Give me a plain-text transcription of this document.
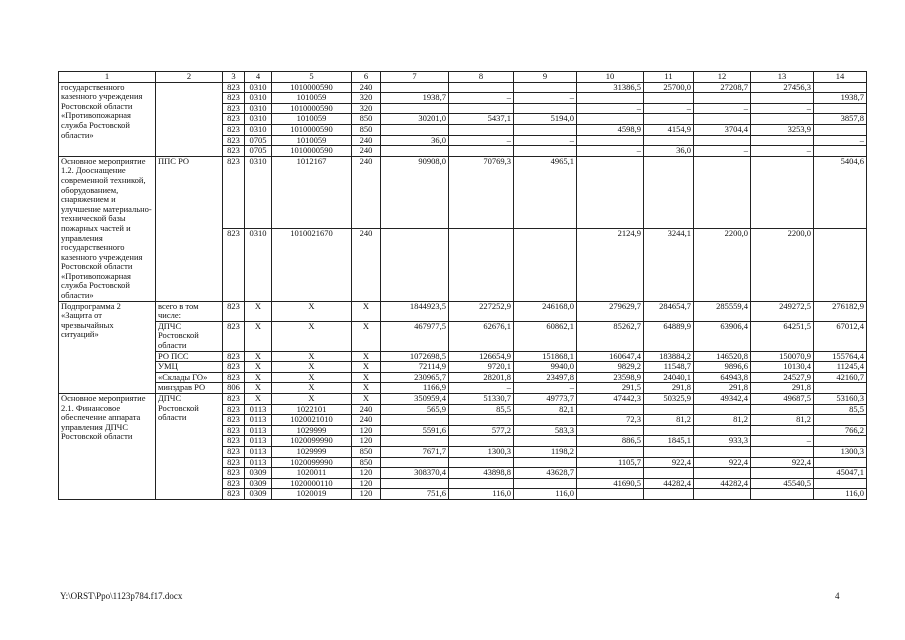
1	2	3	4	5	6	7	8	9	10	11	12	13	14
государственного казенного учреждения Ростовской области «Противопожарная служба Ростовской области»		823	0310	1010000590	240				31386,5	25700,0	27208,7	27456,3	
		823	0310	1010059	320	1938,7	–	–					1938,7
		823	0310	1010000590	320				–	–	–	–	
		823	0310	1010059	850	30201,0	5437,1	5194,0					3857,8
		823	0310	1010000590	850				4598,9	4154,9	3704,4	3253,9	
		823	0705	1010059	240	36,0	–	–					–
		823	0705	1010000590	240				–	36,0	–	–	
Основное мероприятие 1.2. Дооснащение современной техникой, оборудованием, снаряжением и улучшение материально-технической базы пожарных частей и управления государственного казенного учреждения Ростовской области «Противопожарная служба Ростовской области»	ППС РО	823	0310	1012167	240	90908,0	70769,3	4965,1					5404,6
		823	0310	1010021670	240				2124,9	3244,1	2200,0	2200,0	
Подпрограмма 2 «Защита от чрезвычайных ситуаций»	всего в том числе:	823	Х	Х	Х	1844923,5	227252,9	246168,0	279629,7	284654,7	285559,4	249272,5	276182,9
	ДПЧС Ростовской области	823	Х	Х	Х	467977,5	62676,1	60862,1	85262,7	64889,9	63906,4	64251,5	67012,4
	РО ПСС	823	Х	Х	Х	1072698,5	126654,9	151868,1	160647,4	183884,2	146520,8	150070,9	155764,4
	УМЦ	823	Х	Х	Х	72114,9	9720,1	9940,0	9829,2	11548,7	9896,6	10130,4	11245,4
	«Склады ГО»	823	Х	Х	Х	230965,7	28201,8	23497,8	23598,9	24040,1	64943,8	24527,9	42160,7
	минздрав РО	806	Х	Х	Х	1166,9	–	–	291,5	291,8	291,8	291,8	
Основное мероприятие 2.1. Финансовое обеспечение аппарата управления ДПЧС Ростовской области	ДПЧС Ростовской области	823	Х	Х	Х	350959,4	51330,7	49773,7	47442,3	50325,9	49342,4	49687,5	53160,3
		823	0113	1022101	240	565,9	85,5	82,1					85,5
		823	0113	1020021010	240				72,3	81,2	81,2	81,2	
		823	0113	1029999	120	5591,6	577,2	583,3					766,2
		823	0113	1020099990	120				886,5	1845,1	933,3	–	
		823	0113	1029999	850	7671,7	1300,3	1198,2					1300,3
		823	0113	1020099990	850				1105,7	922,4	922,4	922,4	
		823	0309	1020011	120	308370,4	43898,8	43628,7					45047,1
		823	0309	1020000110	120				41690,5	44282,4	44282,4	45540,5	
		823	0309	1020019	120	751,6	116,0	116,0					116,0
Y:\ORST\Ppo\1123p784.f17.docx	4
